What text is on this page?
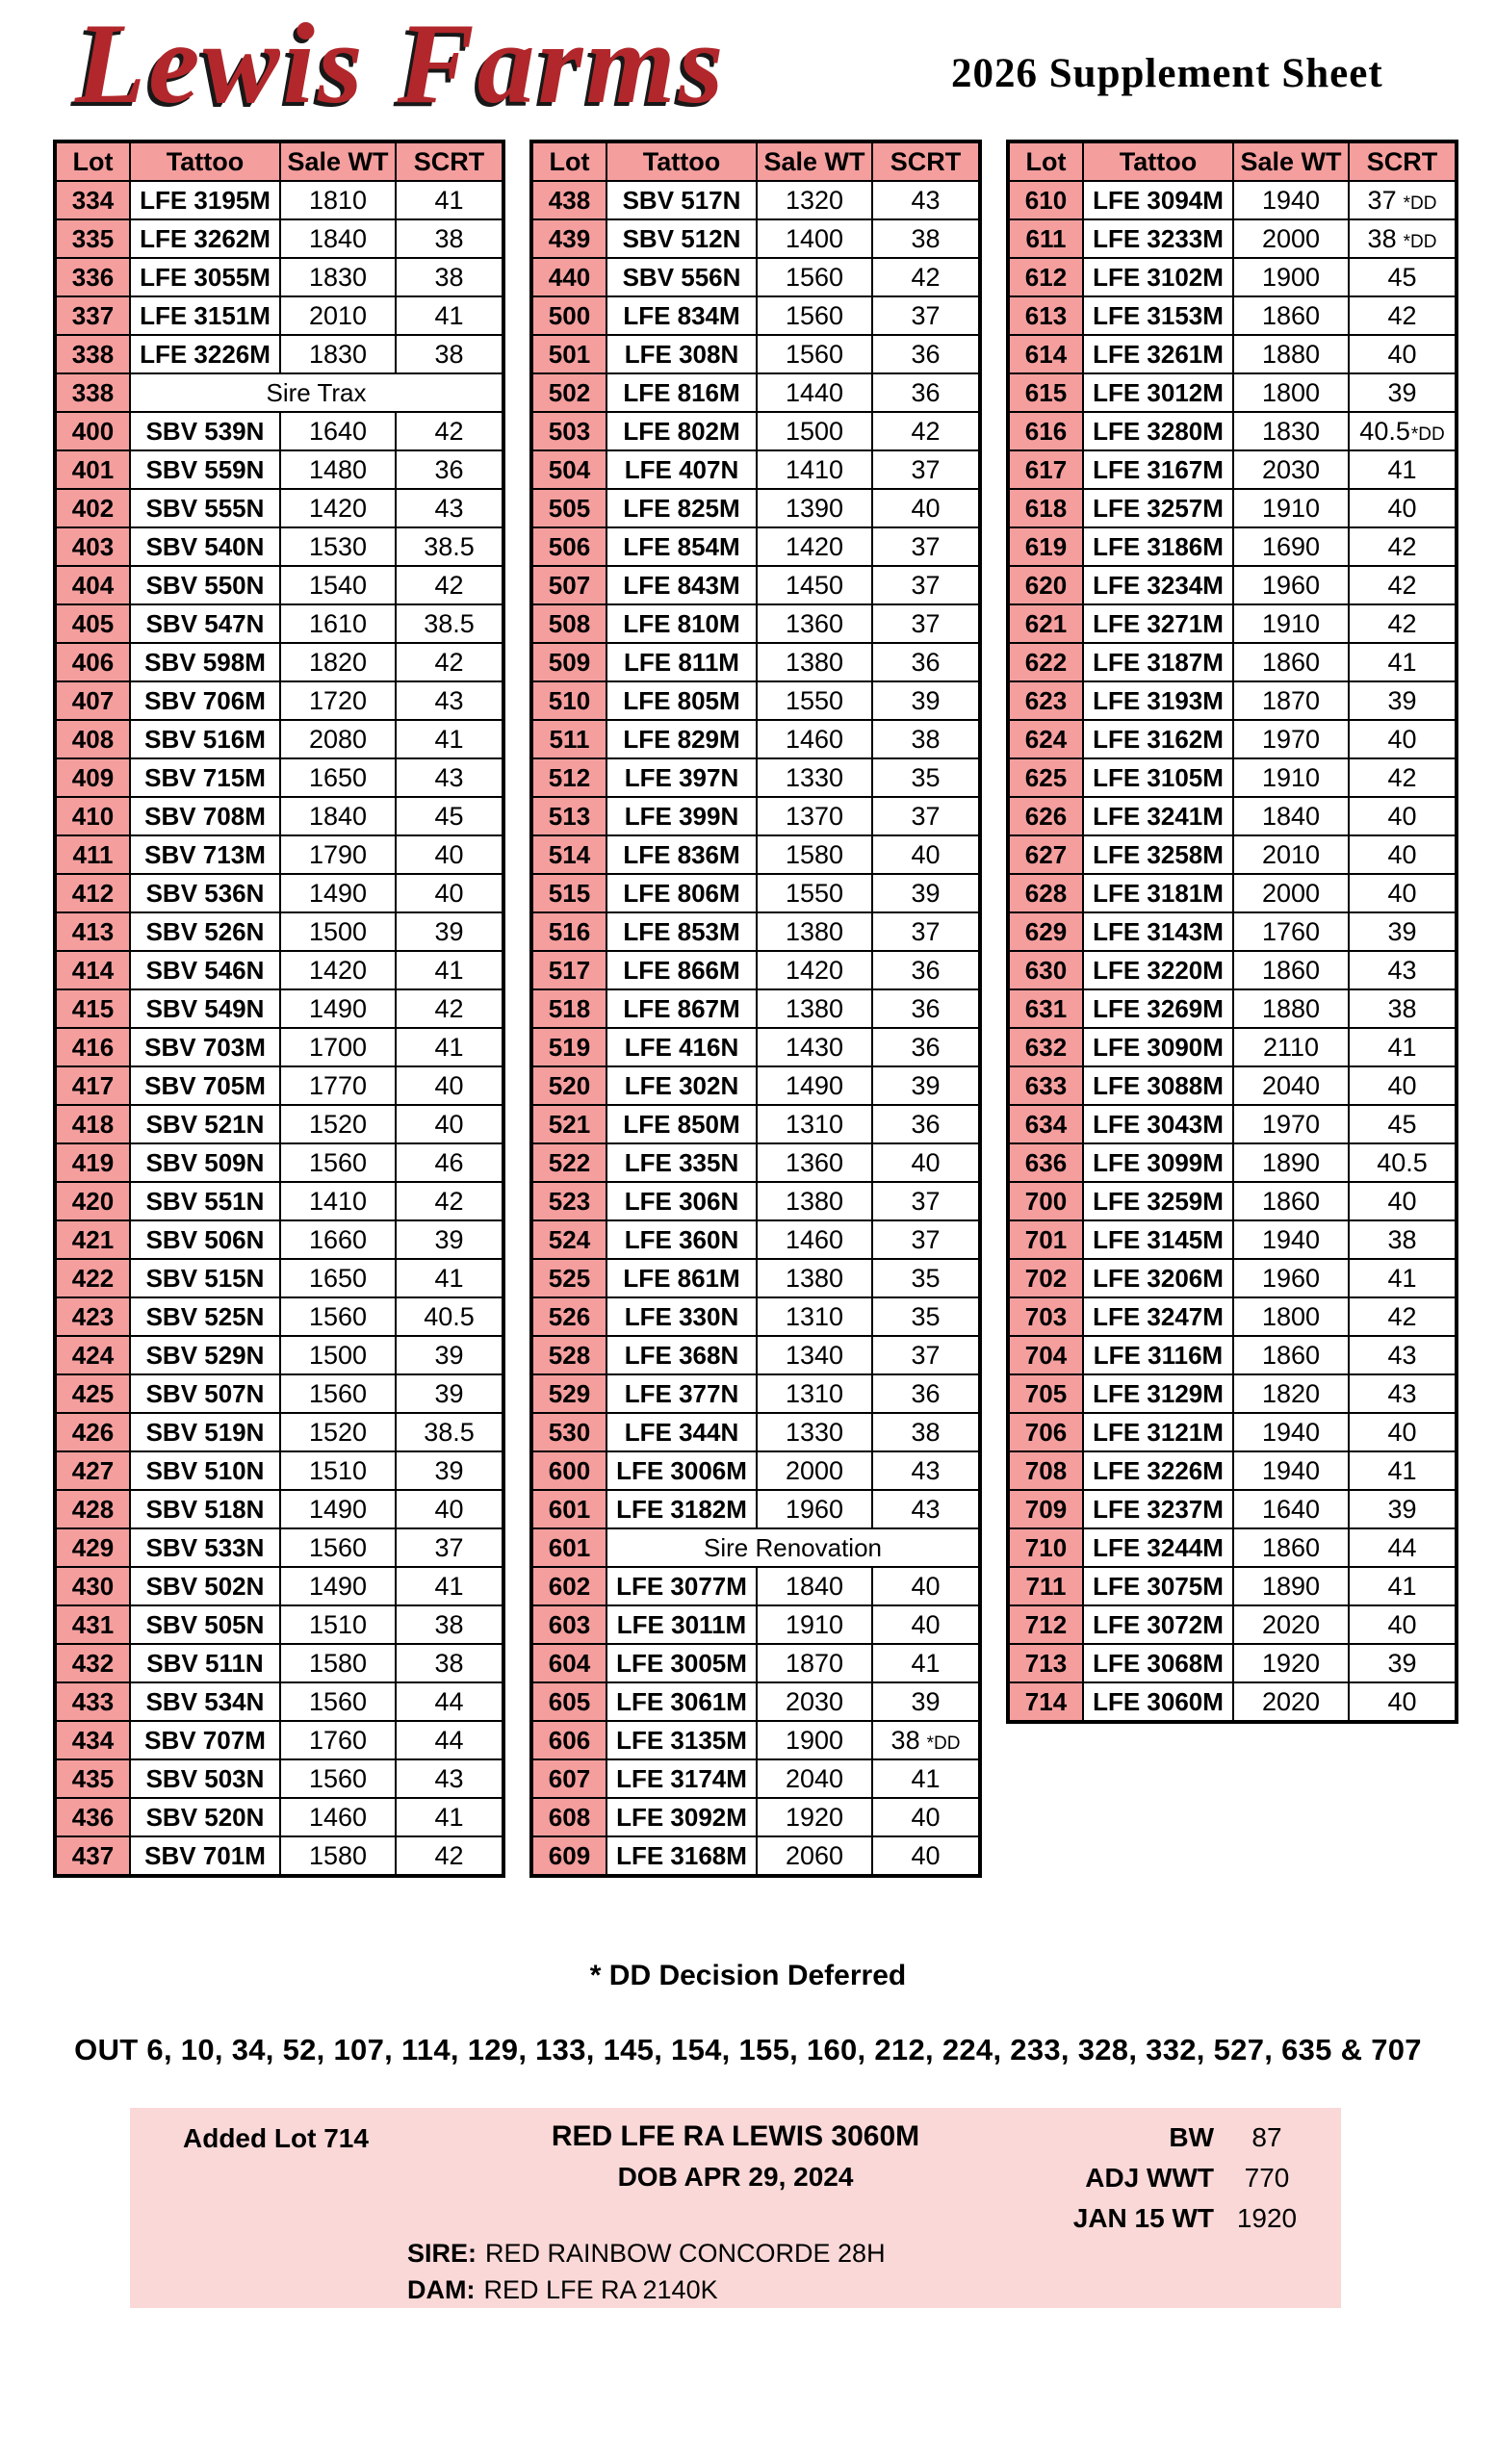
Lewis Farms	2026 Supplement Sheet
Lot	Tattoo	Sale WT	SCRT
334	LFE 3195M	1810	41
335	LFE 3262M	1840	38
336	LFE 3055M	1830	38
337	LFE 3151M	2010	41
338	LFE 3226M	1830	38
338	Sire Trax		
400	SBV 539N	1640	42
401	SBV 559N	1480	36
402	SBV 555N	1420	43
403	SBV 540N	1530	38.5
404	SBV 550N	1540	42
405	SBV 547N	1610	38.5
406	SBV 598M	1820	42
407	SBV 706M	1720	43
408	SBV 516M	2080	41
409	SBV 715M	1650	43
410	SBV 708M	1840	45
411	SBV 713M	1790	40
412	SBV 536N	1490	40
413	SBV 526N	1500	39
414	SBV 546N	1420	41
415	SBV 549N	1490	42
416	SBV 703M	1700	41
417	SBV 705M	1770	40
418	SBV 521N	1520	40
419	SBV 509N	1560	46
420	SBV 551N	1410	42
421	SBV 506N	1660	39
422	SBV 515N	1650	41
423	SBV 525N	1560	40.5
424	SBV 529N	1500	39
425	SBV 507N	1560	39
426	SBV 519N	1520	38.5
427	SBV 510N	1510	39
428	SBV 518N	1490	40
429	SBV 533N	1560	37
430	SBV 502N	1490	41
431	SBV 505N	1510	38
432	SBV 511N	1580	38
433	SBV 534N	1560	44
434	SBV 707M	1760	44
435	SBV 503N	1560	43
436	SBV 520N	1460	41
437	SBV 701M	1580	42
Lot	Tattoo	Sale WT	SCRT
438	SBV 517N	1320	43
439	SBV 512N	1400	38
440	SBV 556N	1560	42
500	LFE 834M	1560	37
501	LFE 308N	1560	36
502	LFE 816M	1440	36
503	LFE 802M	1500	42
504	LFE 407N	1410	37
505	LFE 825M	1390	40
506	LFE 854M	1420	37
507	LFE 843M	1450	37
508	LFE 810M	1360	37
509	LFE 811M	1380	36
510	LFE 805M	1550	39
511	LFE 829M	1460	38
512	LFE 397N	1330	35
513	LFE 399N	1370	37
514	LFE 836M	1580	40
515	LFE 806M	1550	39
516	LFE 853M	1380	37
517	LFE 866M	1420	36
518	LFE 867M	1380	36
519	LFE 416N	1430	36
520	LFE 302N	1490	39
521	LFE 850M	1310	36
522	LFE 335N	1360	40
523	LFE 306N	1380	37
524	LFE 360N	1460	37
525	LFE 861M	1380	35
526	LFE 330N	1310	35
528	LFE 368N	1340	37
529	LFE 377N	1310	36
530	LFE 344N	1330	38
600	LFE 3006M	2000	43
601	LFE 3182M	1960	43
601	Sire Renovation		
602	LFE 3077M	1840	40
603	LFE 3011M	1910	40
604	LFE 3005M	1870	41
605	LFE 3061M	2030	39
606	LFE 3135M	1900	38 *DD
607	LFE 3174M	2040	41
608	LFE 3092M	1920	40
609	LFE 3168M	2060	40
Lot	Tattoo	Sale WT	SCRT
610	LFE 3094M	1940	37 *DD
611	LFE 3233M	2000	38 *DD
612	LFE 3102M	1900	45
613	LFE 3153M	1860	42
614	LFE 3261M	1880	40
615	LFE 3012M	1800	39
616	LFE 3280M	1830	40.5*DD
617	LFE 3167M	2030	41
618	LFE 3257M	1910	40
619	LFE 3186M	1690	42
620	LFE 3234M	1960	42
621	LFE 3271M	1910	42
622	LFE 3187M	1860	41
623	LFE 3193M	1870	39
624	LFE 3162M	1970	40
625	LFE 3105M	1910	42
626	LFE 3241M	1840	40
627	LFE 3258M	2010	40
628	LFE 3181M	2000	40
629	LFE 3143M	1760	39
630	LFE 3220M	1860	43
631	LFE 3269M	1880	38
632	LFE 3090M	2110	41
633	LFE 3088M	2040	40
634	LFE 3043M	1970	45
636	LFE 3099M	1890	40.5
700	LFE 3259M	1860	40
701	LFE 3145M	1940	38
702	LFE 3206M	1960	41
703	LFE 3247M	1800	42
704	LFE 3116M	1860	43
705	LFE 3129M	1820	43
706	LFE 3121M	1940	40
708	LFE 3226M	1940	41
709	LFE 3237M	1640	39
710	LFE 3244M	1860	44
711	LFE 3075M	1890	41
712	LFE 3072M	2020	40
713	LFE 3068M	1920	39
714	LFE 3060M	2020	40
* DD Decision Deferred
OUT 6, 10, 34, 52, 107, 114, 129, 133, 145, 154, 155, 160, 212, 224, 233, 328, 332, 527, 635 & 707
Added Lot 714	RED LFE RA LEWIS 3060M
DOB APR 29, 2024
BW	87
ADJ WWT	770
JAN 15 WT 1920
SIRE: RED RAINBOW CONCORDE 28H
DAM: RED LFE RA 2140K
